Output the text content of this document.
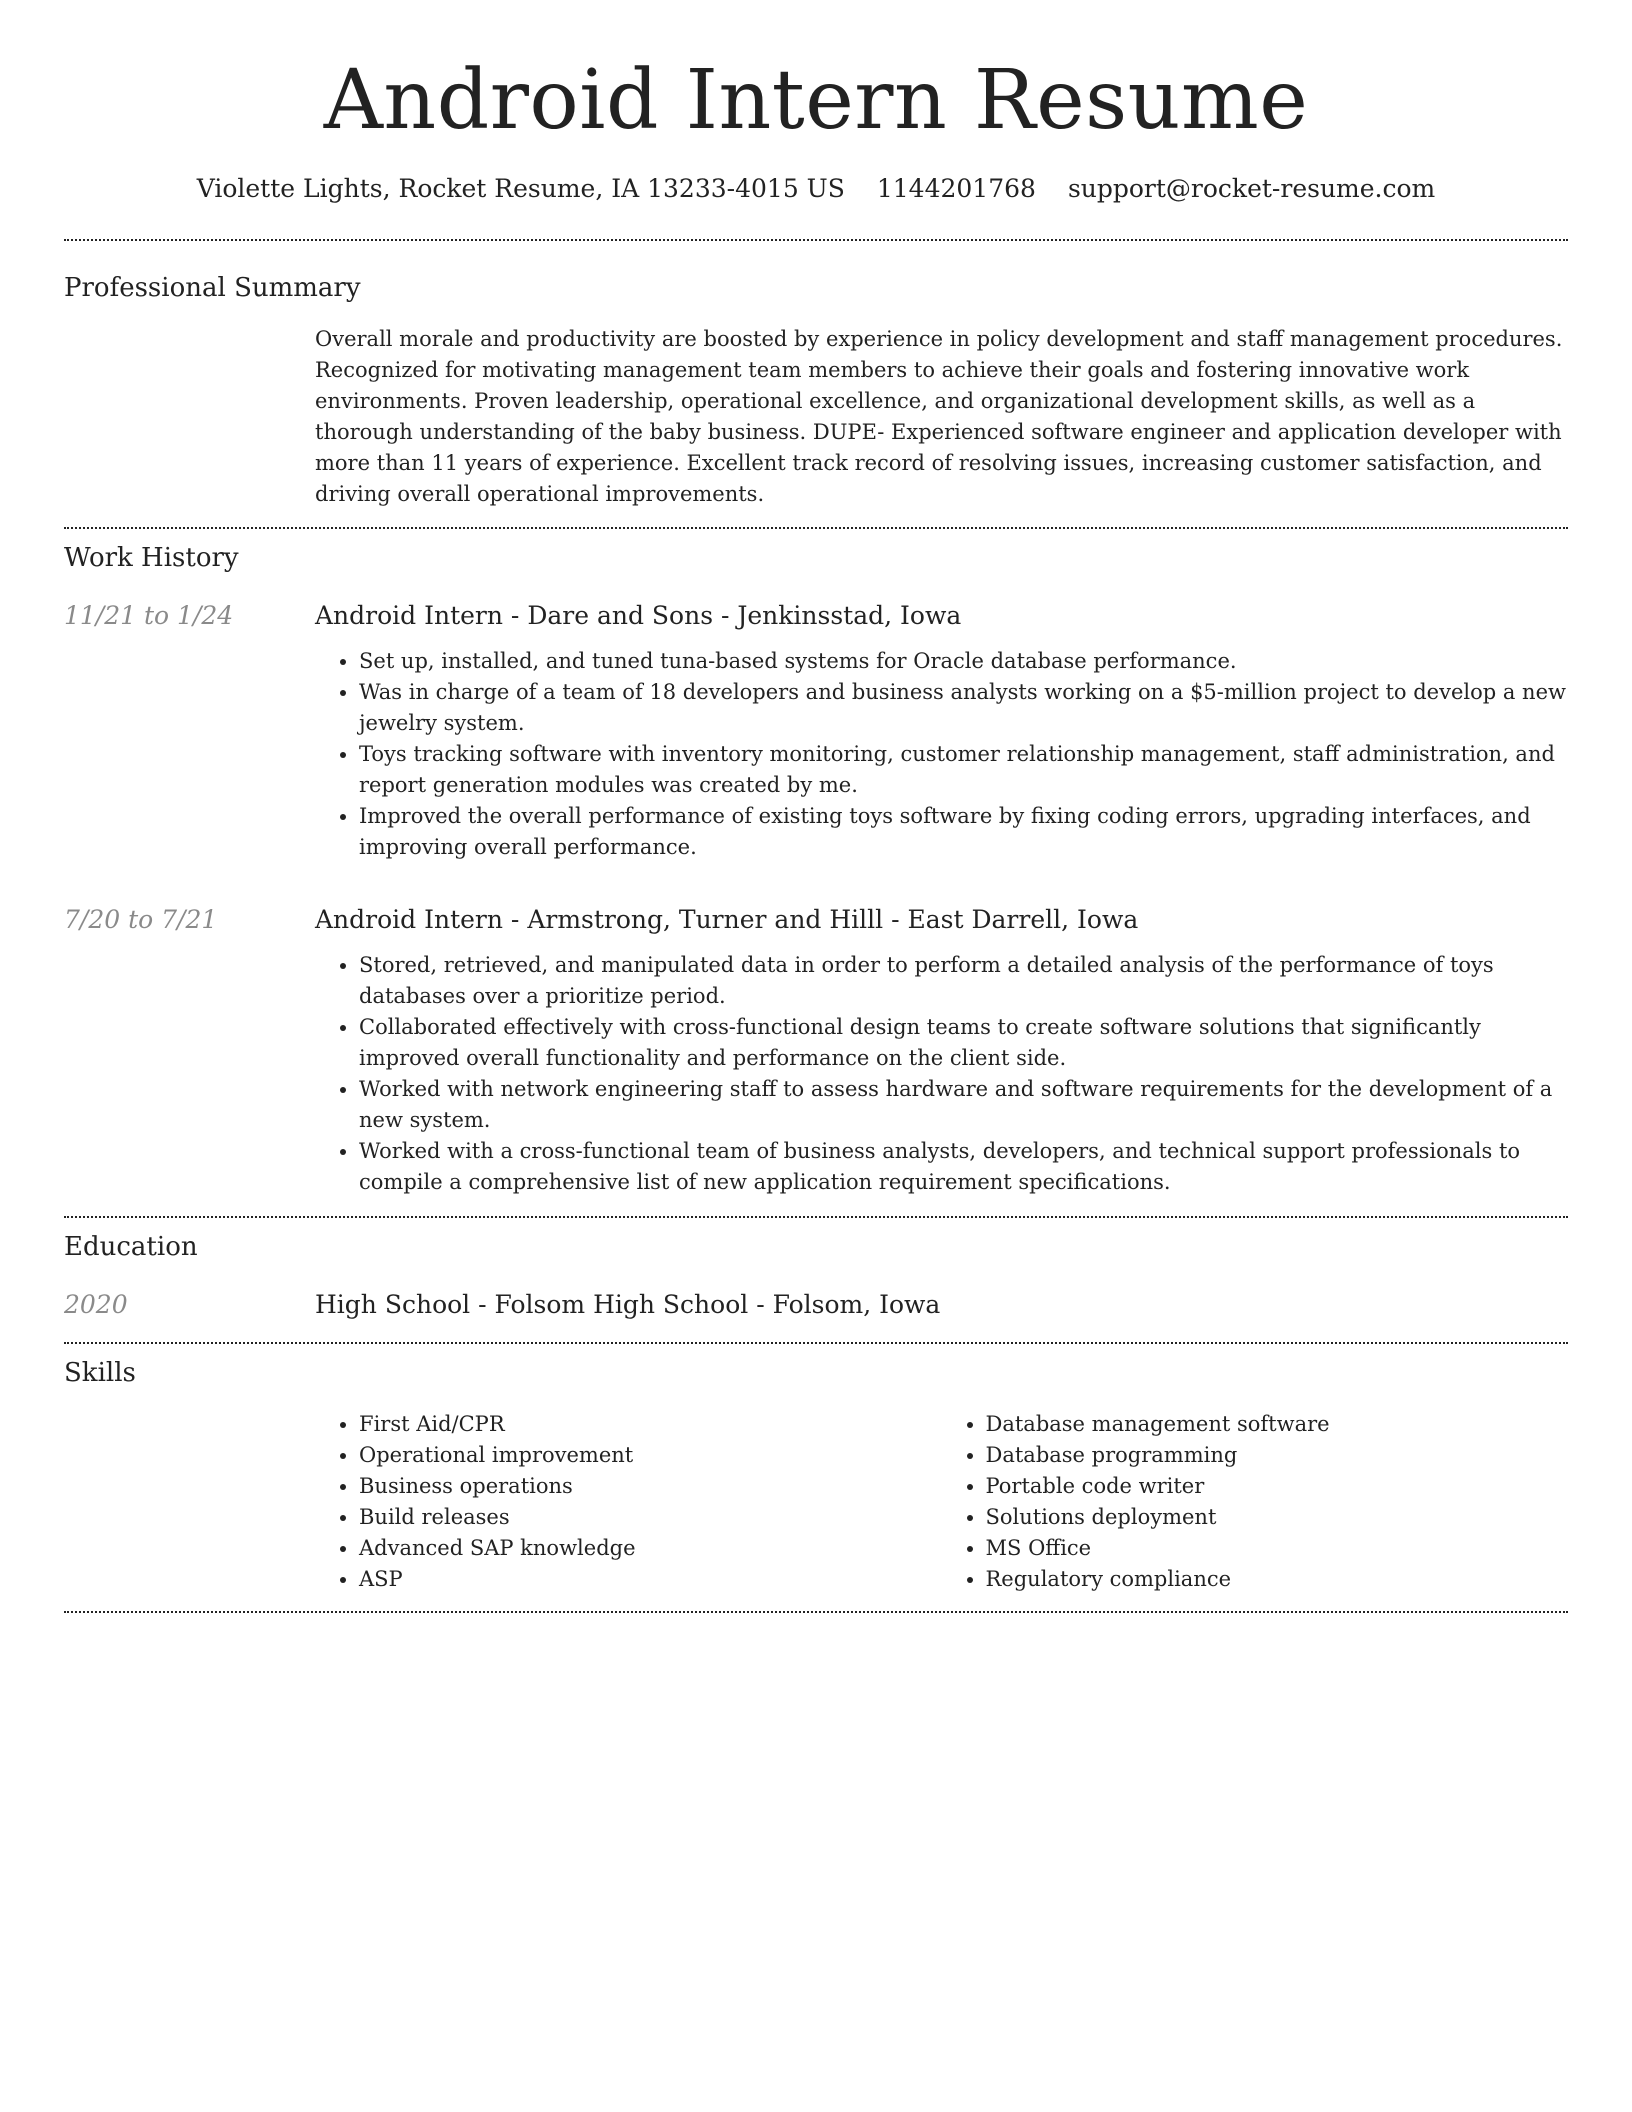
Android Intern Resume
Violette Lights, Rocket Resume, IA 13233-4015 US 1144201768 support@rocket-resume.com
Professional Summary

Overall morale and productivity are boosted by experience in policy development and staff management procedures. Recognized for motivating management team members to achieve their goals and fostering innovative work environments. Proven leadership, operational excellence, and organizational development skills, as well as a thorough understanding of the baby business. DUPE- Experienced software engineer and application developer with more than 11 years of experience. Excellent track record of resolving issues, increasing customer satisfaction, and driving overall operational improvements.

Work History
11/21 to 1/24	Android Intern - Dare and Sons - Jenkinsstad, Iowa
• Set up, installed, and tuned tuna-based systems for Oracle database performance.
• Was in charge of a team of 18 developers and business analysts working on a $5-million project to develop a new jewelry system.
• Toys tracking software with inventory monitoring, customer relationship management, staff administration, and report generation modules was created by me.
• Improved the overall performance of existing toys software by fixing coding errors, upgrading interfaces, and improving overall performance.
7/20 to 7/21	Android Intern - Armstrong, Turner and Hilll - East Darrell, Iowa
• Stored, retrieved, and manipulated data in order to perform a detailed analysis of the performance of toys databases over a prioritize period.
• Collaborated effectively with cross-functional design teams to create software solutions that significantly improved overall functionality and performance on the client side.
• Worked with network engineering staff to assess hardware and software requirements for the development of a new system.
• Worked with a cross-functional team of business analysts, developers, and technical support professionals to compile a comprehensive list of new application requirement specifications.
Education
2020	High School - Folsom High School - Folsom, Iowa
Skills
• First Aid/CPR
• Operational improvement
• Business operations
• Build releases
• Advanced SAP knowledge
• ASP
• Database management software
• Database programming
• Portable code writer
• Solutions deployment
• MS Office
• Regulatory compliance
